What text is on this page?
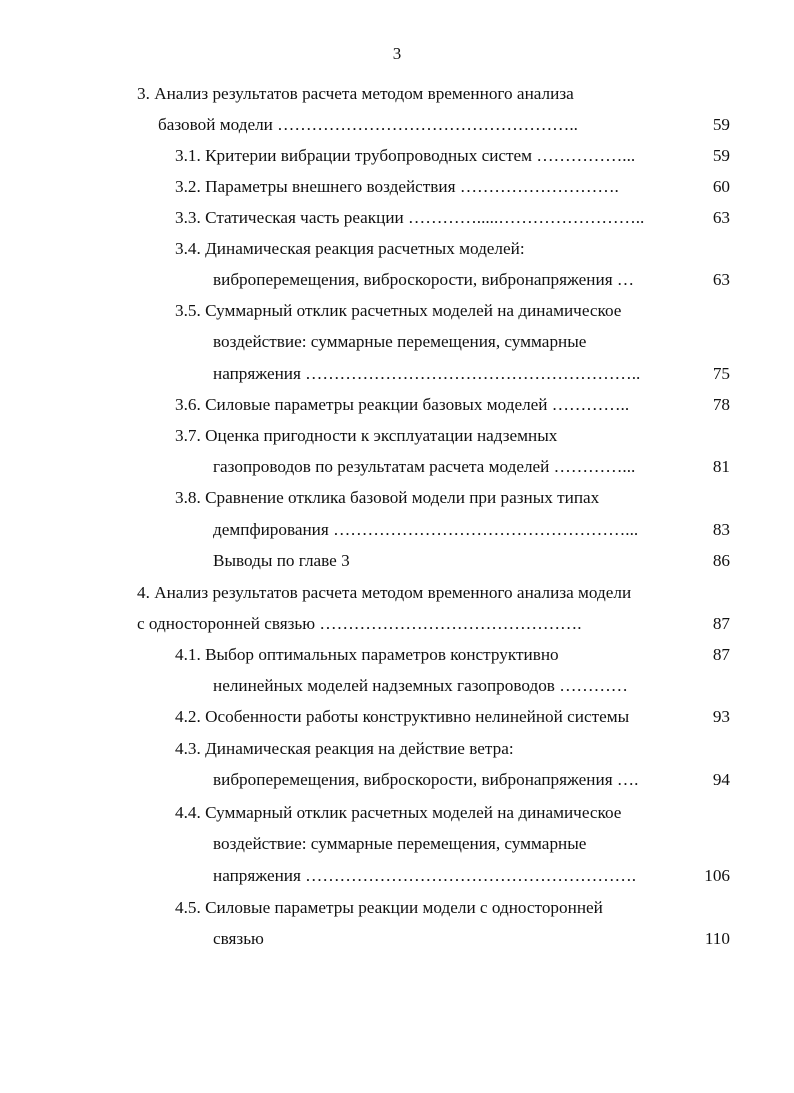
3
3. Анализ результатов расчета методом временного анализа
базовой модели ……………………………………………..	59
3.1. Критерии вибрации трубопроводных систем ……………...	59
3.2. Параметры внешнего воздействия ……………………….	60
3.3. Статическая часть реакции ………….....……………………..	63
3.4. Динамическая реакция расчетных моделей:
виброперемещения, виброскорости, вибронапряжения …	63
3.5. Суммарный отклик расчетных моделей на динамическое
воздействие: суммарные перемещения, суммарные
напряжения …………………………………………………..	75
3.6. Силовые параметры реакции базовых моделей …………..	78
3.7. Оценка пригодности к эксплуатации надземных
газопроводов по результатам расчета моделей …………...	81
3.8. Сравнение отклика базовой модели при разных типах
демпфирования ……………………………………………...	83
Выводы по главе 3	86
4. Анализ результатов расчета методом временного анализа модели
с односторонней связью ……………………………………….	87
4.1. Выбор оптимальных параметров конструктивно	87
нелинейных моделей надземных газопроводов …………
4.2. Особенности работы конструктивно нелинейной системы	93
4.3. Динамическая реакция на действие ветра:
виброперемещения, виброскорости, вибронапряжения ….	94
4.4. Суммарный отклик расчетных моделей на динамическое
воздействие: суммарные перемещения, суммарные
напряжения ………………………………………………….	106
4.5. Силовые параметры реакции модели с односторонней
связью	110
